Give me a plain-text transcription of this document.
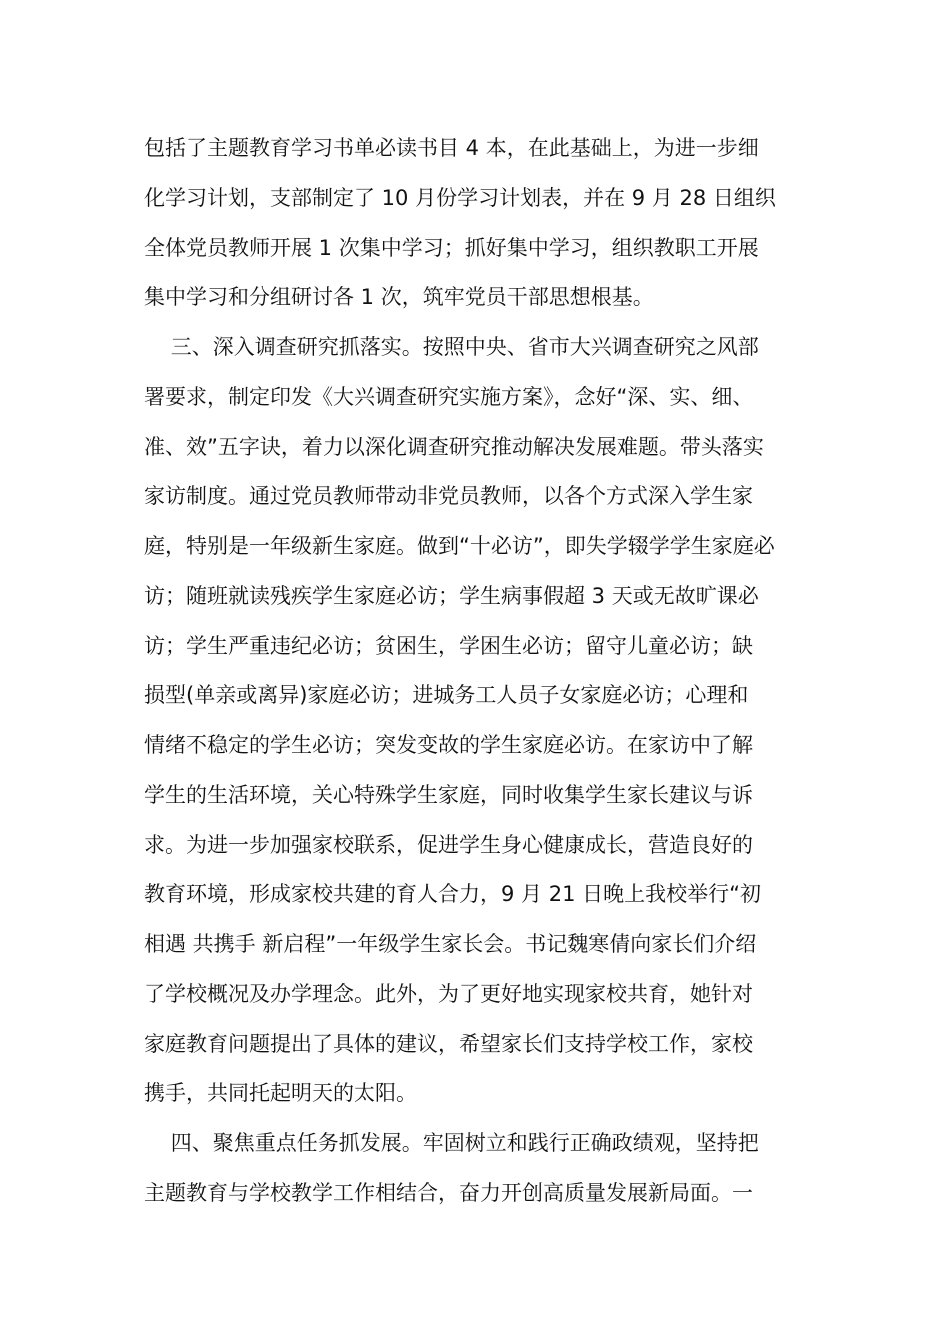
包括了主题教育学习书单必读书目 4 本，在此基础上，为进一步细
化学习计划，支部制定了 10 月份学习计划表，并在 9 月 28 日组织
全体党员教师开展 1 次集中学习；抓好集中学习，组织教职工开展
集中学习和分组研讨各 1 次，筑牢党员干部思想根基。
三、深入调查研究抓落实。按照中央、省市大兴调查研究之风部
署要求，制定印发《大兴调查研究实施方案》，念好“深、实、细、
准、效”五字诀，着力以深化调查研究推动解决发展难题。带头落实
家访制度。通过党员教师带动非党员教师，以各个方式深入学生家
庭，特别是一年级新生家庭。做到“十必访”，即失学辍学学生家庭必
访；随班就读残疾学生家庭必访；学生病事假超 3 天或无故旷课必
访；学生严重违纪必访；贫困生，学困生必访；留守儿童必访；缺
损型(单亲或离异)家庭必访；进城务工人员子女家庭必访；心理和
情绪不稳定的学生必访；突发变故的学生家庭必访。在家访中了解
学生的生活环境，关心特殊学生家庭，同时收集学生家长建议与诉
求。为进一步加强家校联系，促进学生身心健康成长，营造良好的
教育环境，形成家校共建的育人合力，9 月 21 日晚上我校举行“初
相遇 共携手 新启程”一年级学生家长会。书记魏寒倩向家长们介绍
了学校概况及办学理念。此外，为了更好地实现家校共育，她针对
家庭教育问题提出了具体的建议，希望家长们支持学校工作，家校
携手，共同托起明天的太阳。
四、聚焦重点任务抓发展。牢固树立和践行正确政绩观，坚持把
主题教育与学校教学工作相结合，奋力开创高质量发展新局面。一
